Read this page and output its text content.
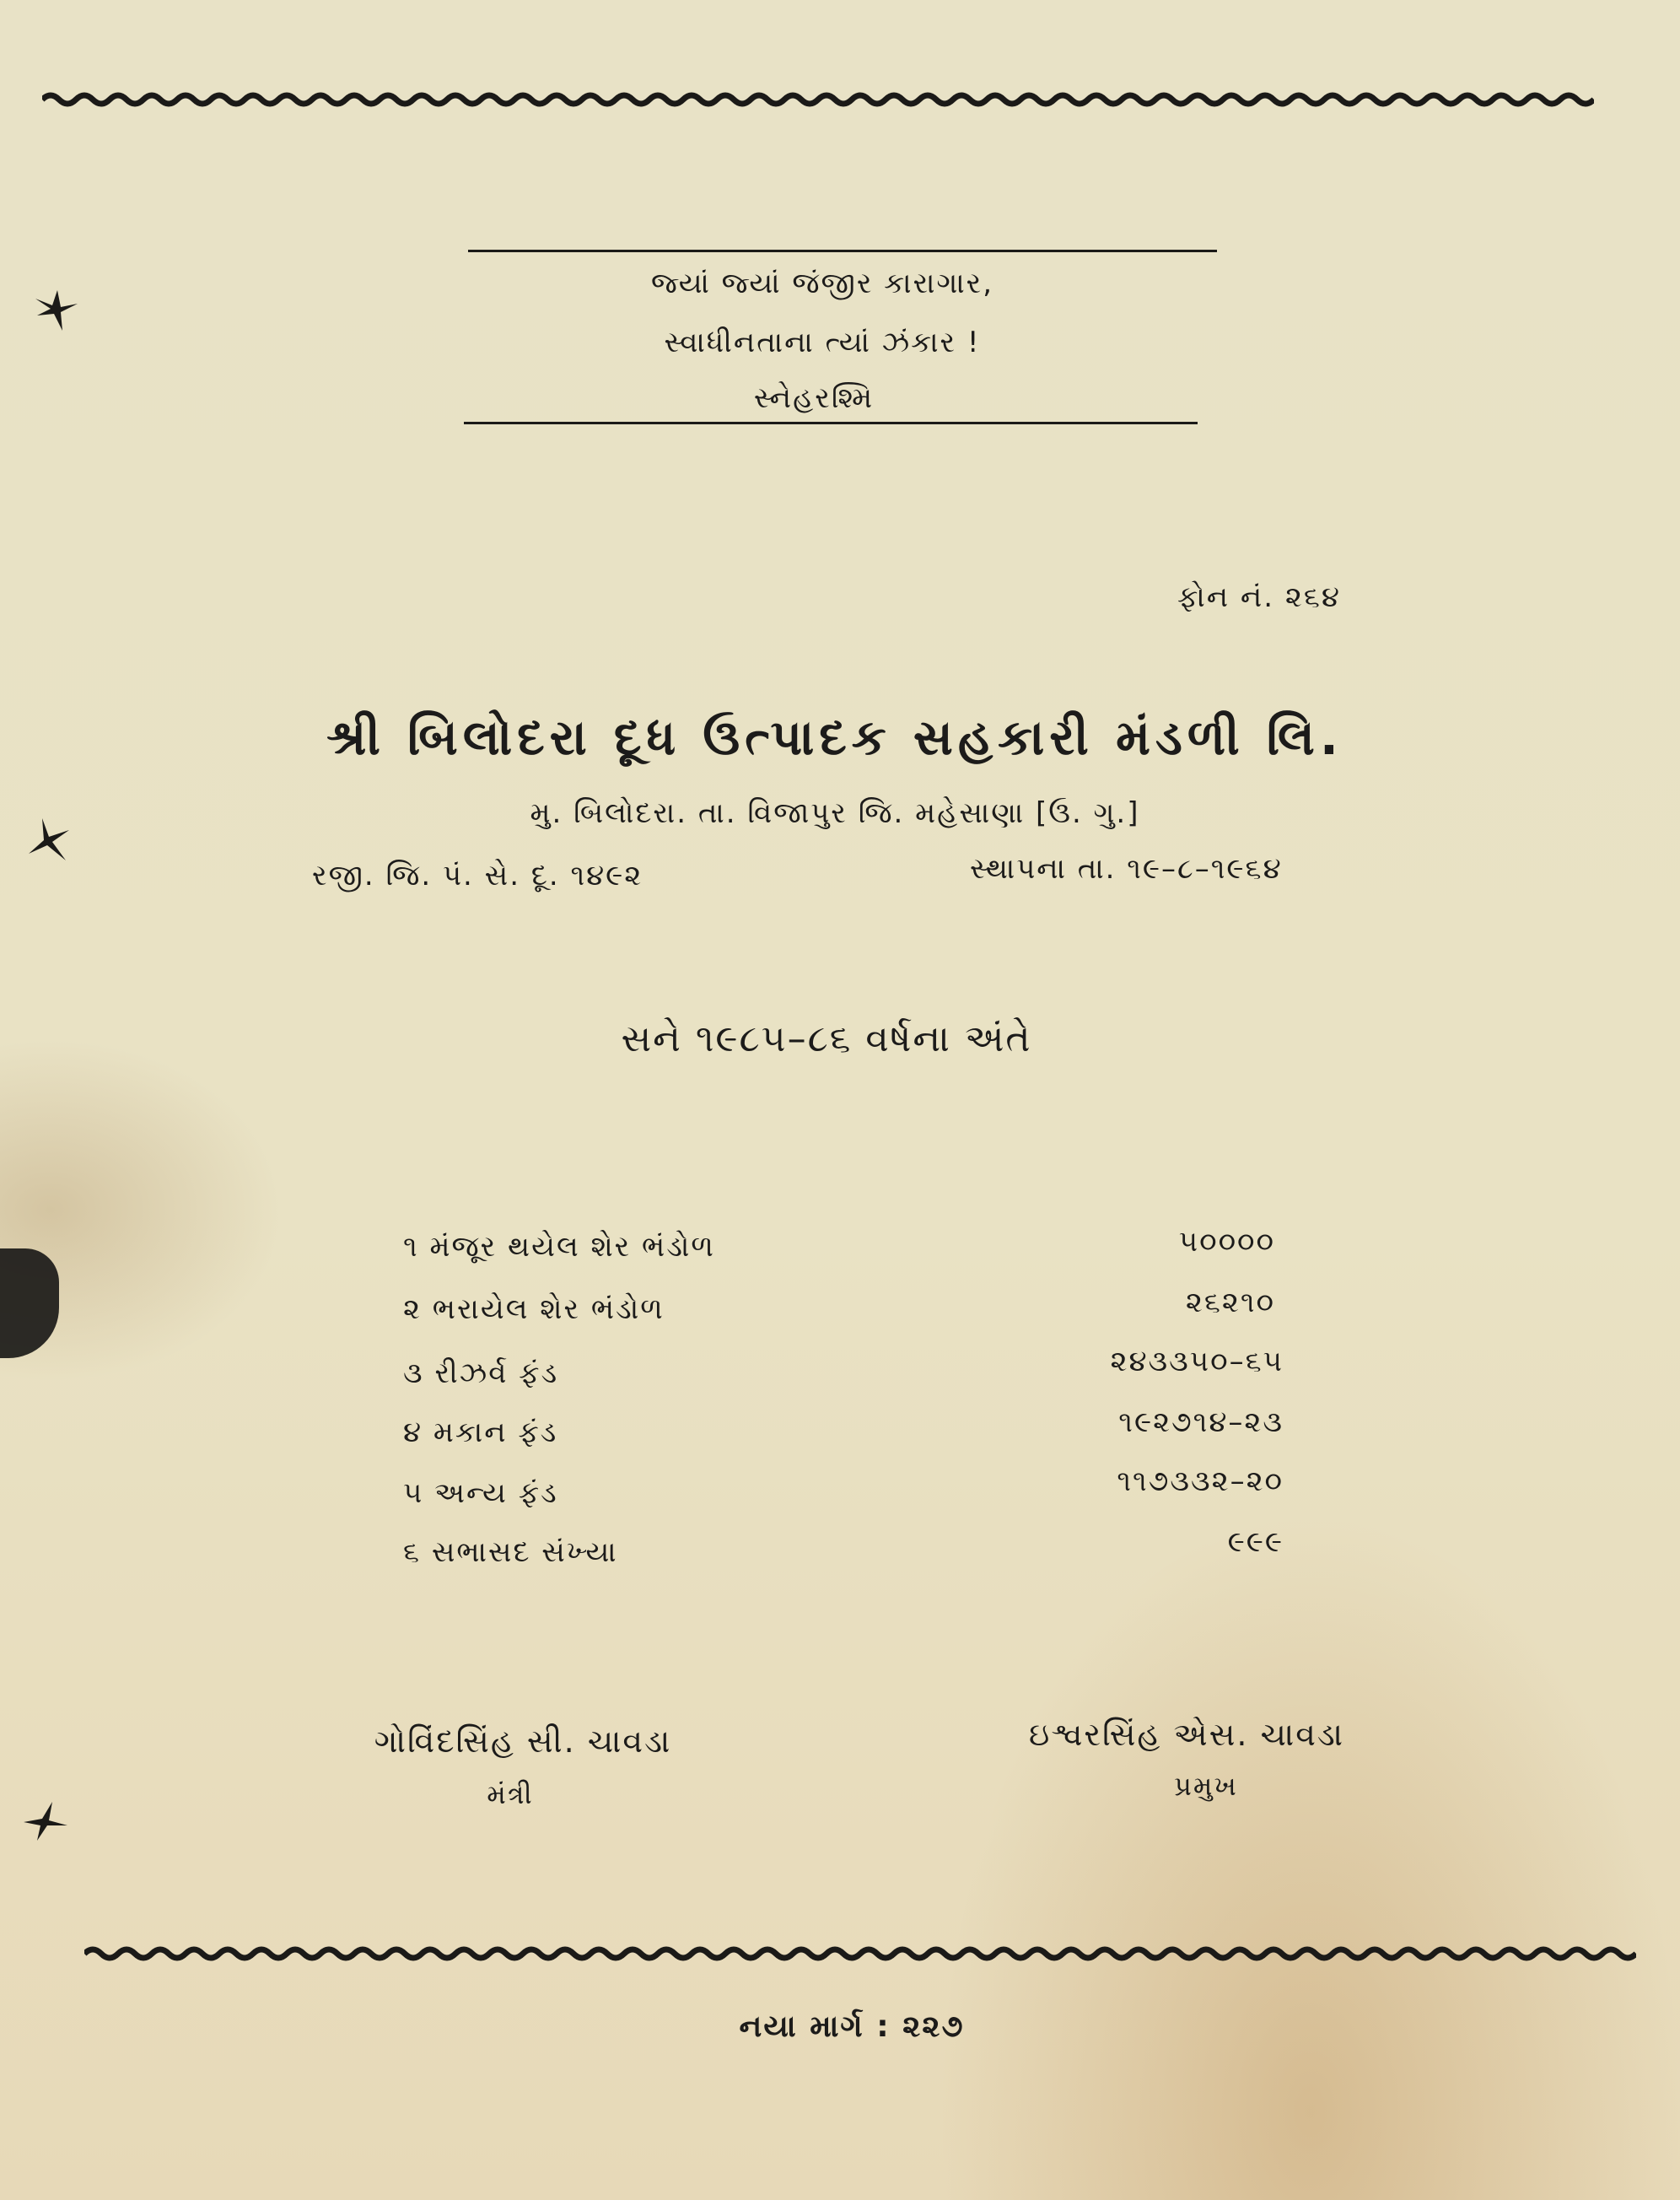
જ્યાં જ્યાં જંજીર કારાગાર,
સ્વાધીનતાના ત્યાં ઝંકાર !
સ્નેહરશ્મિ
ફોન નં. ૨૬૪
શ્રી બિલોદરા દૂધ ઉત્પાદક સહકારી મંડળી લિ.
મુ. બિલોદરા. તા. વિજાપુર જિ. મહેસાણા [ઉ. ગુ.]
રજી. જિ. પં. સે. દૂ. ૧૪૯૨	સ્થાપના તા. ૧૯–૮–૧૯૬૪
સને ૧૯૮૫–૮૬ વર્ષના અંતે
૧ મંજૂર થયેલ શેર ભંડોળ	૫૦૦૦૦
૨ ભરાયેલ શેર ભંડોળ	૨૬૨૧૦
૩ રીઝર્વ ફંડ	૨૪૩૩૫૦–૬૫
૪ મકાન ફંડ	૧૯૨૭૧૪–૨૩
૫ અન્ય ફંડ	૧૧૭૩૩૨–૨૦
૬ સભાસદ સંખ્યા	૯૯૯
ગોવિંદસિંહ સી. ચાવડા
મંત્રી
ઇશ્વરસિંહ એસ. ચાવડા
પ્રમુખ
નયા માર્ગ : ૨૨૭
